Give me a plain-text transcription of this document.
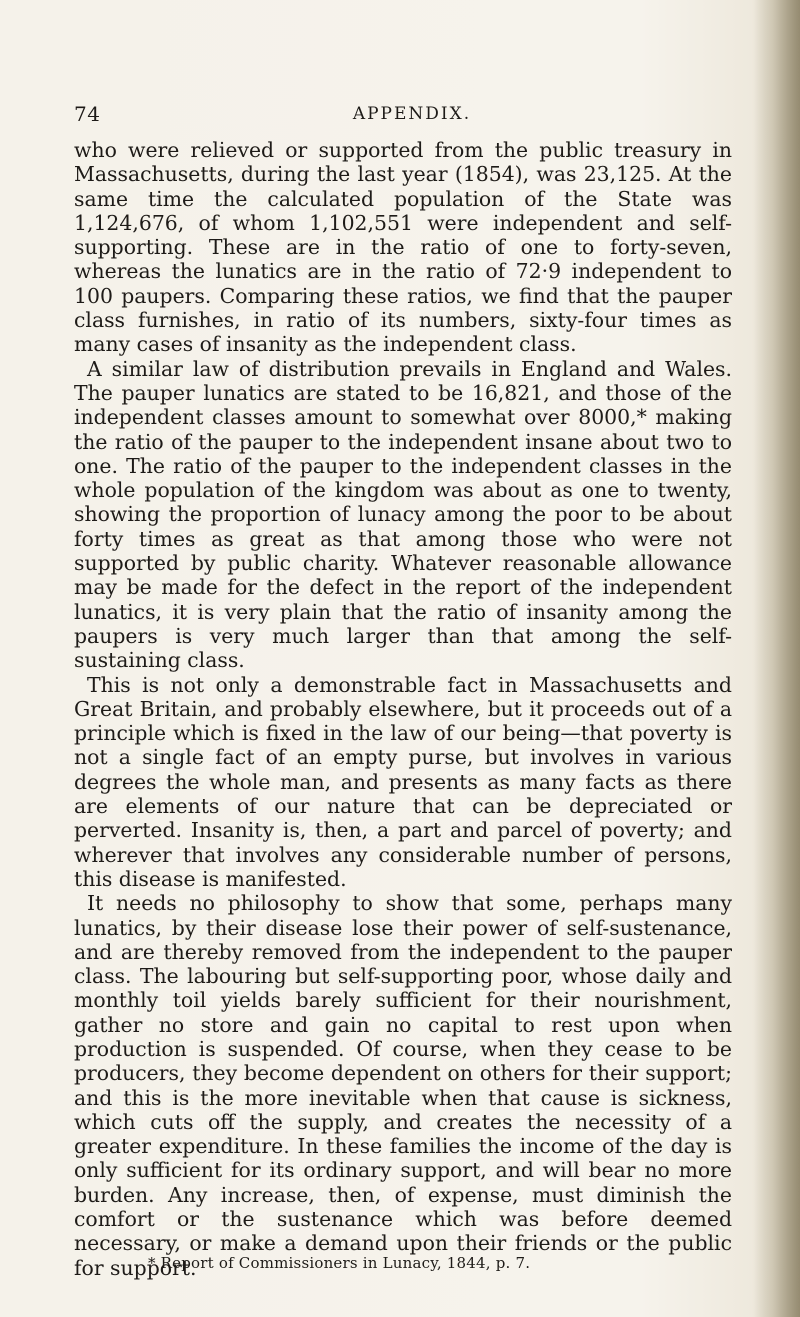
74	APPENDIX.

who were relieved or supported from the public treasury in Massachusetts, during the last year (1854), was 23,125. At the same time the calculated population of the State was 1,124,676, of whom 1,102,551 were independent and self-supporting. These are in the ratio of one to forty-seven, whereas the lunatics are in the ratio of 72·9 independent to 100 paupers. Comparing these ratios, we find that the pauper class furnishes, in ratio of its numbers, sixty-four times as many cases of insanity as the independent class.

A similar law of distribution prevails in England and Wales. The pauper lunatics are stated to be 16,821, and those of the independent classes amount to somewhat over 8000,* making the ratio of the pauper to the independent insane about two to one. The ratio of the pauper to the independent classes in the whole population of the kingdom was about as one to twenty, showing the proportion of lunacy among the poor to be about forty times as great as that among those who were not supported by public charity. Whatever reasonable allowance may be made for the defect in the report of the independent lunatics, it is very plain that the ratio of insanity among the paupers is very much larger than that among the self-sustaining class.

This is not only a demonstrable fact in Massachusetts and Great Britain, and probably elsewhere, but it proceeds out of a principle which is fixed in the law of our being—that poverty is not a single fact of an empty purse, but involves in various degrees the whole man, and presents as many facts as there are elements of our nature that can be depreciated or perverted. Insanity is, then, a part and parcel of poverty; and wherever that involves any considerable number of persons, this disease is manifested.

It needs no philosophy to show that some, perhaps many lunatics, by their disease lose their power of self-sustenance, and are thereby removed from the independent to the pauper class. The labouring but self-supporting poor, whose daily and monthly toil yields barely sufficient for their nourishment, gather no store and gain no capital to rest upon when production is suspended. Of course, when they cease to be producers, they become dependent on others for their support; and this is the more inevitable when that cause is sickness, which cuts off the supply, and creates the necessity of a greater expenditure. In these families the income of the day is only sufficient for its ordinary support, and will bear no more burden. Any increase, then, of expense, must diminish the comfort or the sustenance which was before deemed necessary, or make a demand upon their friends or the public for support.

* Report of Commissioners in Lunacy, 1844, p. 7.
